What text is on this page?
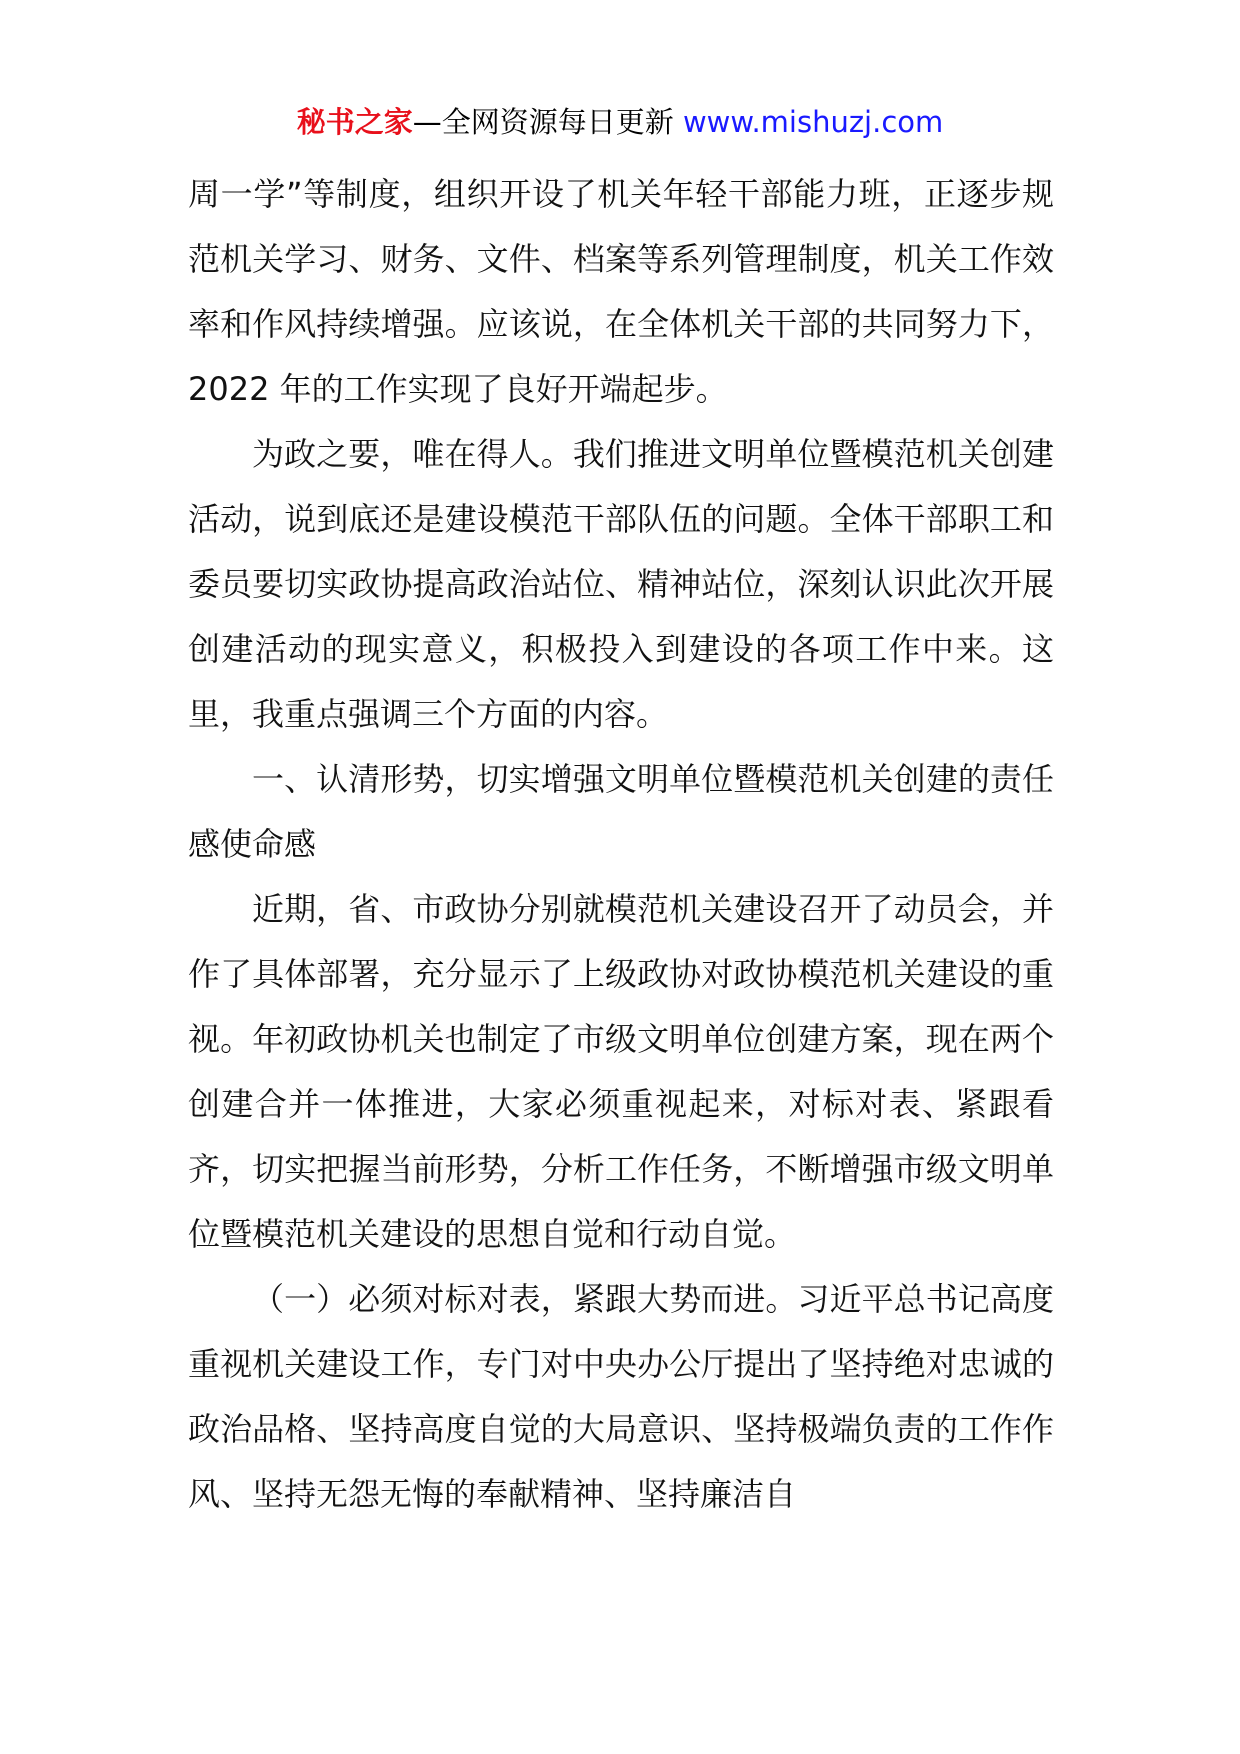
秘书之家—全网资源每日更新 www.mishuzj.com

周一学”等制度，组织开设了机关年轻干部能力班，正逐步规范机关学习、财务、文件、档案等系列管理制度，机关工作效率和作风持续增强。应该说，在全体机关干部的共同努力下，2022 年的工作实现了良好开端起步。

为政之要，唯在得人。我们推进文明单位暨模范机关创建活动，说到底还是建设模范干部队伍的问题。全体干部职工和委员要切实政协提高政治站位、精神站位，深刻认识此次开展创建活动的现实意义，积极投入到建设的各项工作中来。这里，我重点强调三个方面的内容。

一、认清形势，切实增强文明单位暨模范机关创建的责任感使命感

近期，省、市政协分别就模范机关建设召开了动员会，并作了具体部署，充分显示了上级政协对政协模范机关建设的重视。年初政协机关也制定了市级文明单位创建方案，现在两个创建合并一体推进，大家必须重视起来，对标对表、紧跟看齐，切实把握当前形势，分析工作任务，不断增强市级文明单位暨模范机关建设的思想自觉和行动自觉。

（一）必须对标对表，紧跟大势而进。习近平总书记高度重视机关建设工作，专门对中央办公厅提出了坚持绝对忠诚的政治品格、坚持高度自觉的大局意识、坚持极端负责的工作作风、坚持无怨无悔的奉献精神、坚持廉洁自
